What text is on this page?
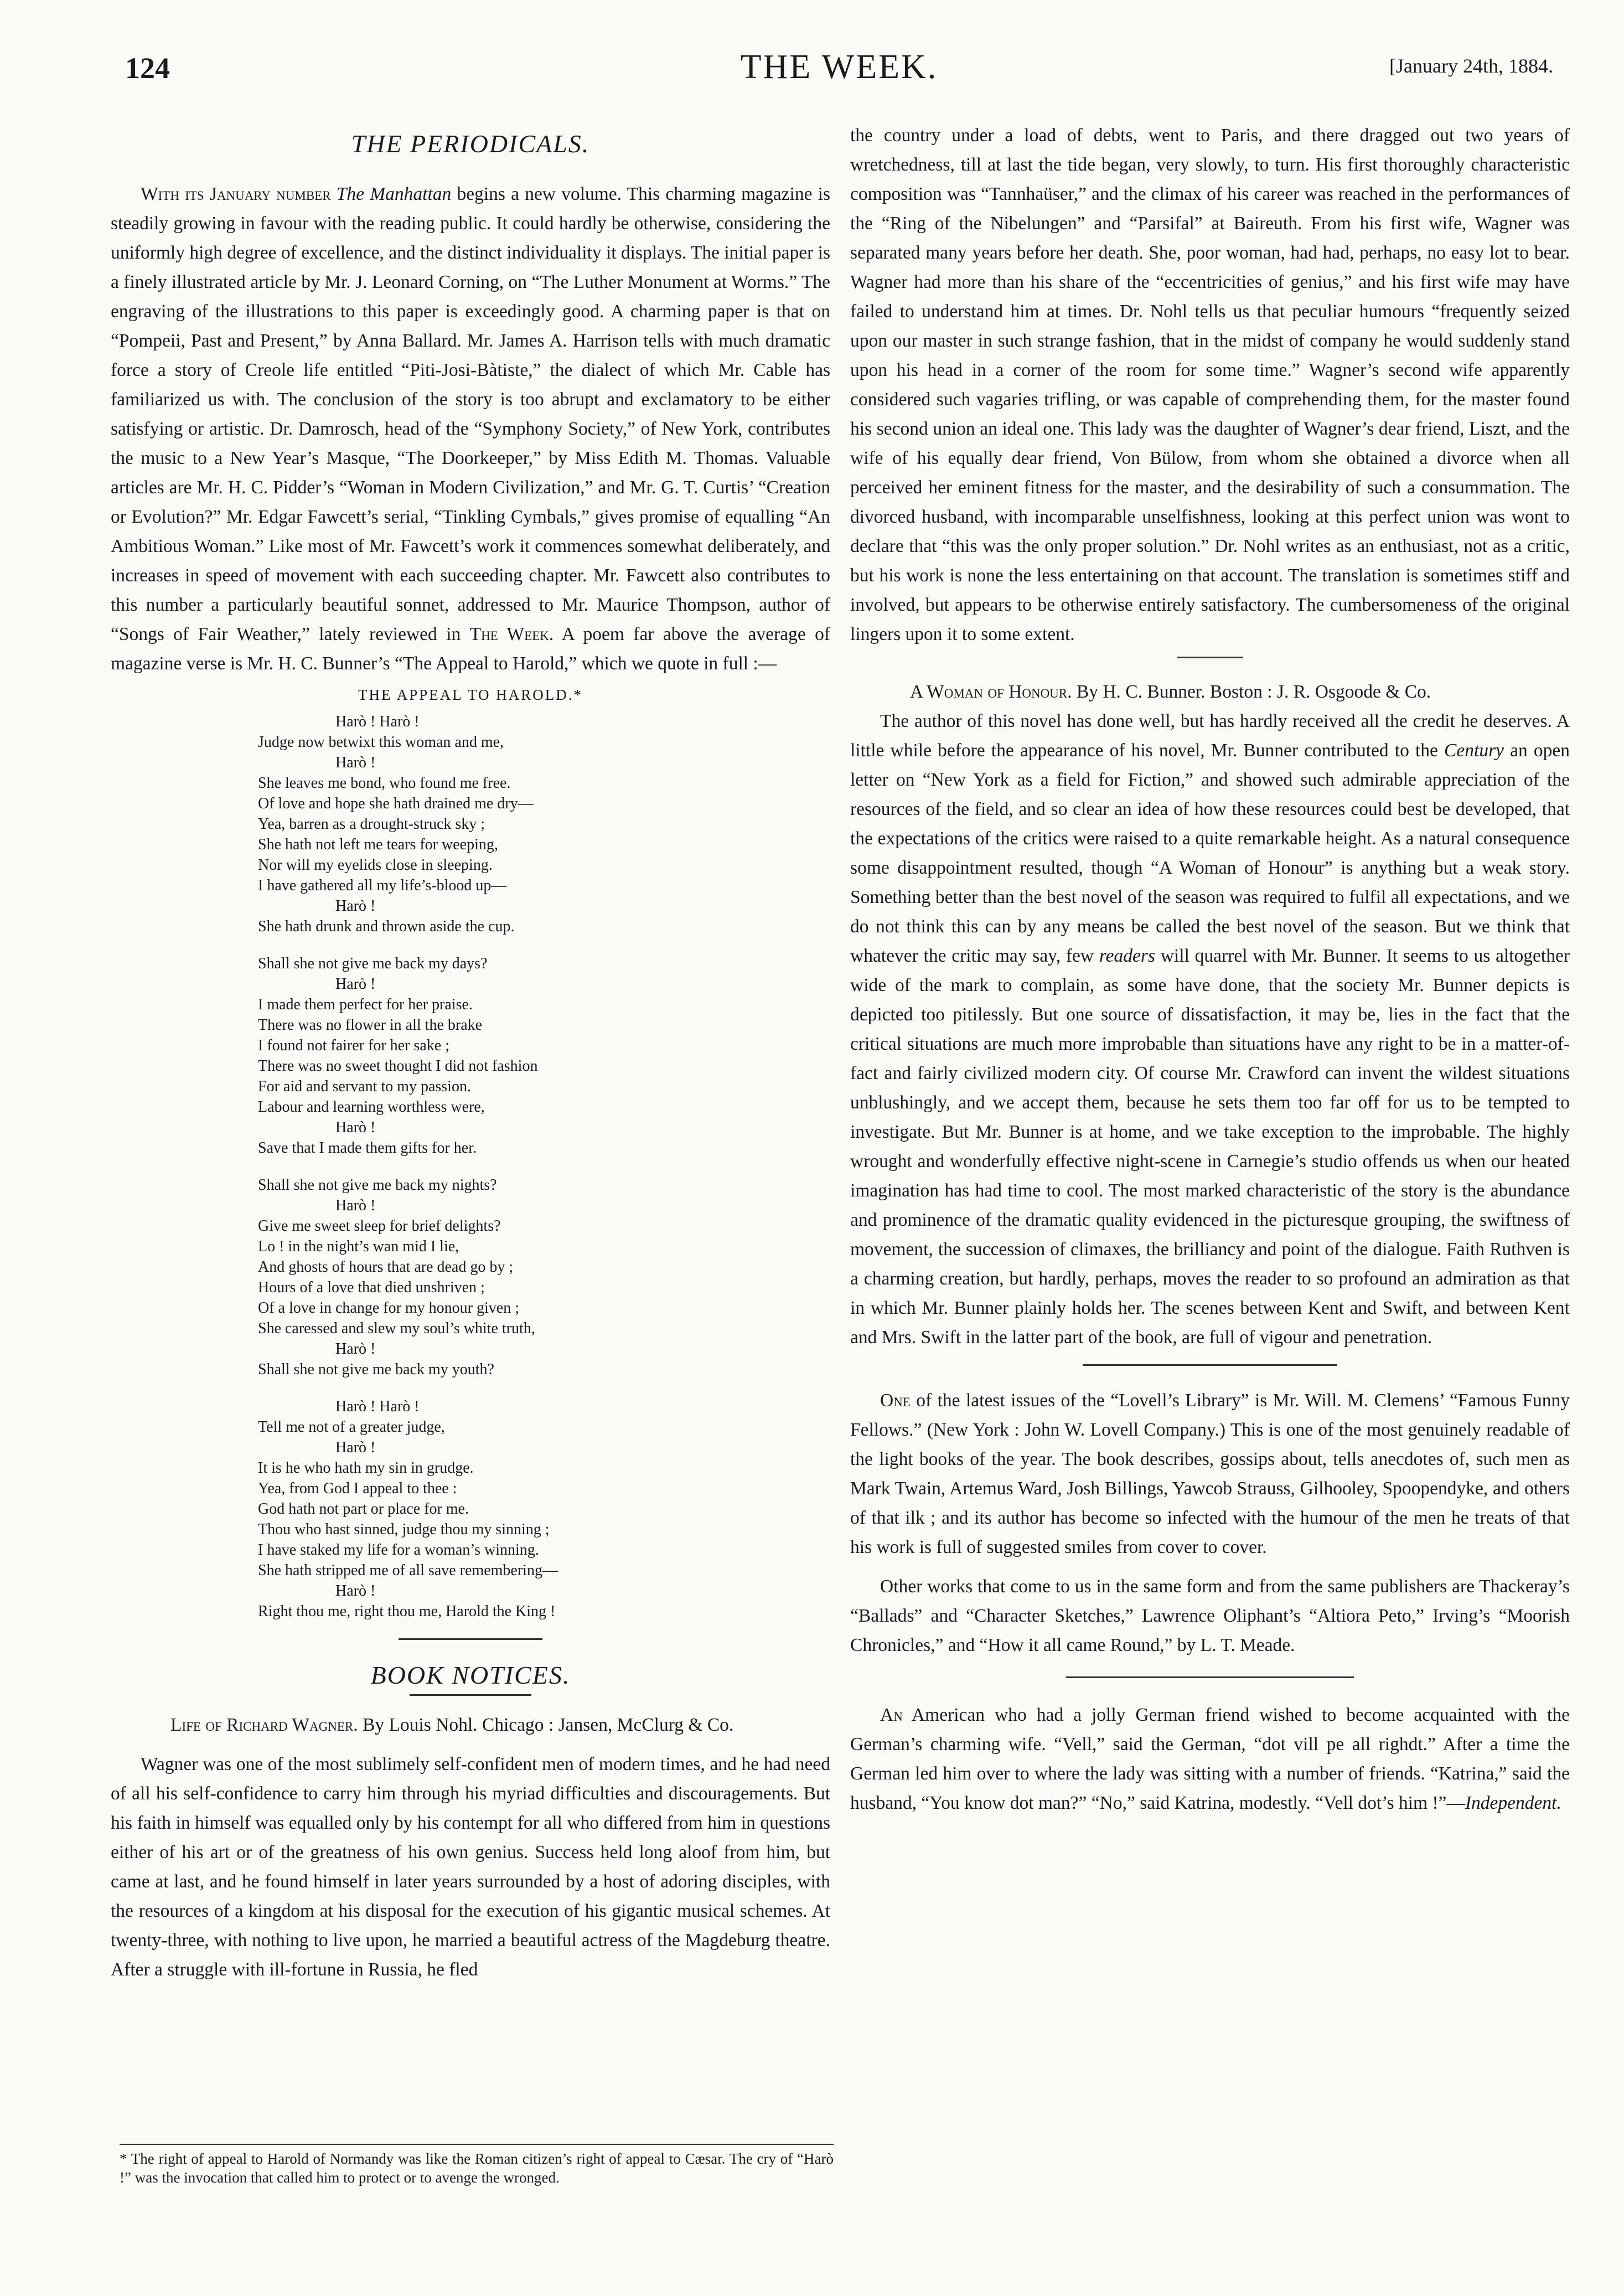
124	THE WEEK.	[January 24th, 1884.
THE PERIODICALS.

With its January number The Manhattan begins a new volume. This charming magazine is steadily growing in favour with the reading public. It could hardly be otherwise, considering the uniformly high degree of excellence, and the distinct individuality it displays. The initial paper is a finely illustrated article by Mr. J. Leonard Corning, on “The Luther Monument at Worms.” The engraving of the illustrations to this paper is exceedingly good. A charming paper is that on “Pompeii, Past and Present,” by Anna Ballard. Mr. James A. Harrison tells with much dramatic force a story of Creole life entitled “Piti-Josi-Bàtiste,” the dialect of which Mr. Cable has familiarized us with. The conclusion of the story is too abrupt and exclamatory to be either satisfying or artistic. Dr. Damrosch, head of the “Symphony Society,” of New York, contributes the music to a New Year’s Masque, “The Doorkeeper,” by Miss Edith M. Thomas. Valuable articles are Mr. H. C. Pidder’s “Woman in Modern Civilization,” and Mr. G. T. Curtis’ “Creation or Evolution?” Mr. Edgar Fawcett’s serial, “Tinkling Cymbals,” gives promise of equalling “An Ambitious Woman.” Like most of Mr. Fawcett’s work it commences somewhat deliberately, and increases in speed of movement with each succeeding chapter. Mr. Fawcett also contributes to this number a particularly beautiful sonnet, addressed to Mr. Maurice Thompson, author of “Songs of Fair Weather,” lately reviewed in The Week. A poem far above the average of magazine verse is Mr. H. C. Bunner’s “The Appeal to Harold,” which we quote in full :—

THE APPEAL TO HAROLD.*
Harò ! Harò !
Judge now betwixt this woman and me,
Harò !
She leaves me bond, who found me free.
Of love and hope she hath drained me dry—
Yea, barren as a drought-struck sky ;
She hath not left me tears for weeping,
Nor will my eyelids close in sleeping.
I have gathered all my life’s-blood up—
Harò !
She hath drunk and thrown aside the cup.
Shall she not give me back my days?
Harò !
I made them perfect for her praise.
There was no flower in all the brake
I found not fairer for her sake ;
There was no sweet thought I did not fashion
For aid and servant to my passion.
Labour and learning worthless were,
Harò !
Save that I made them gifts for her.
Shall she not give me back my nights?
Harò !
Give me sweet sleep for brief delights?
Lo ! in the night’s wan mid I lie,
And ghosts of hours that are dead go by ;
Hours of a love that died unshriven ;
Of a love in change for my honour given ;
She caressed and slew my soul’s white truth,
Harò !
Shall she not give me back my youth?
Harò ! Harò !
Tell me not of a greater judge,
Harò !
It is he who hath my sin in grudge.
Yea, from God I appeal to thee :
God hath not part or place for me.
Thou who hast sinned, judge thou my sinning ;
I have staked my life for a woman’s winning.
She hath stripped me of all save remembering—
Harò !
Right thou me, right thou me, Harold the King !
BOOK NOTICES.

Life of Richard Wagner. By Louis Nohl. Chicago : Jansen, McClurg & Co.

Wagner was one of the most sublimely self-confident men of modern times, and he had need of all his self-confidence to carry him through his myriad difficulties and discouragements. But his faith in himself was equalled only by his contempt for all who differed from him in questions either of his art or of the greatness of his own genius. Success held long aloof from him, but came at last, and he found himself in later years surrounded by a host of adoring disciples, with the resources of a kingdom at his disposal for the execution of his gigantic musical schemes. At twenty-three, with nothing to live upon, he married a beautiful actress of the Magdeburg theatre. After a struggle with ill-fortune in Russia, he fled

the country under a load of debts, went to Paris, and there dragged out two years of wretchedness, till at last the tide began, very slowly, to turn. His first thoroughly characteristic composition was “Tannhaüser,” and the climax of his career was reached in the performances of the “Ring of the Nibelungen” and “Parsifal” at Baireuth. From his first wife, Wagner was separated many years before her death. She, poor woman, had had, perhaps, no easy lot to bear. Wagner had more than his share of the “eccentricities of genius,” and his first wife may have failed to understand him at times. Dr. Nohl tells us that peculiar humours “frequently seized upon our master in such strange fashion, that in the midst of company he would suddenly stand upon his head in a corner of the room for some time.” Wagner’s second wife apparently considered such vagaries trifling, or was capable of comprehending them, for the master found his second union an ideal one. This lady was the daughter of Wagner’s dear friend, Liszt, and the wife of his equally dear friend, Von Bülow, from whom she obtained a divorce when all perceived her eminent fitness for the master, and the desirability of such a consummation. The divorced husband, with incomparable unselfishness, looking at this perfect union was wont to declare that “this was the only proper solution.” Dr. Nohl writes as an enthusiast, not as a critic, but his work is none the less entertaining on that account. The translation is sometimes stiff and involved, but appears to be otherwise entirely satisfactory. The cumbersomeness of the original lingers upon it to some extent.

A Woman of Honour. By H. C. Bunner. Boston : J. R. Osgoode & Co.

The author of this novel has done well, but has hardly received all the credit he deserves. A little while before the appearance of his novel, Mr. Bunner contributed to the Century an open letter on “New York as a field for Fiction,” and showed such admirable appreciation of the resources of the field, and so clear an idea of how these resources could best be developed, that the expectations of the critics were raised to a quite remarkable height. As a natural consequence some disappointment resulted, though “A Woman of Honour” is anything but a weak story. Something better than the best novel of the season was required to fulfil all expectations, and we do not think this can by any means be called the best novel of the season. But we think that whatever the critic may say, few readers will quarrel with Mr. Bunner. It seems to us altogether wide of the mark to complain, as some have done, that the society Mr. Bunner depicts is depicted too pitilessly. But one source of dissatisfaction, it may be, lies in the fact that the critical situations are much more improbable than situations have any right to be in a matter-of-fact and fairly civilized modern city. Of course Mr. Crawford can invent the wildest situations unblushingly, and we accept them, because he sets them too far off for us to be tempted to investigate. But Mr. Bunner is at home, and we take exception to the improbable. The highly wrought and wonderfully effective night-scene in Carnegie’s studio offends us when our heated imagination has had time to cool. The most marked characteristic of the story is the abundance and prominence of the dramatic quality evidenced in the picturesque grouping, the swiftness of movement, the succession of climaxes, the brilliancy and point of the dialogue. Faith Ruthven is a charming creation, but hardly, perhaps, moves the reader to so profound an admiration as that in which Mr. Bunner plainly holds her. The scenes between Kent and Swift, and between Kent and Mrs. Swift in the latter part of the book, are full of vigour and penetration.

One of the latest issues of the “Lovell’s Library” is Mr. Will. M. Clemens’ “Famous Funny Fellows.” (New York : John W. Lovell Company.) This is one of the most genuinely readable of the light books of the year. The book describes, gossips about, tells anecdotes of, such men as Mark Twain, Artemus Ward, Josh Billings, Yawcob Strauss, Gilhooley, Spoopendyke, and others of that ilk ; and its author has become so infected with the humour of the men he treats of that his work is full of suggested smiles from cover to cover.

Other works that come to us in the same form and from the same publishers are Thackeray’s “Ballads” and “Character Sketches,” Lawrence Oliphant’s “Altiora Peto,” Irving’s “Moorish Chronicles,” and “How it all came Round,” by L. T. Meade.

An American who had a jolly German friend wished to become acquainted with the German’s charming wife. “Vell,” said the German, “dot vill pe all righdt.” After a time the German led him over to where the lady was sitting with a number of friends. “Katrina,” said the husband, “You know dot man?” “No,” said Katrina, modestly. “Vell dot’s him !”—Independent.

* The right of appeal to Harold of Normandy was like the Roman citizen’s right of appeal to Cæsar. The cry of “Harò !” was the invocation that called him to protect or to avenge the wronged.
